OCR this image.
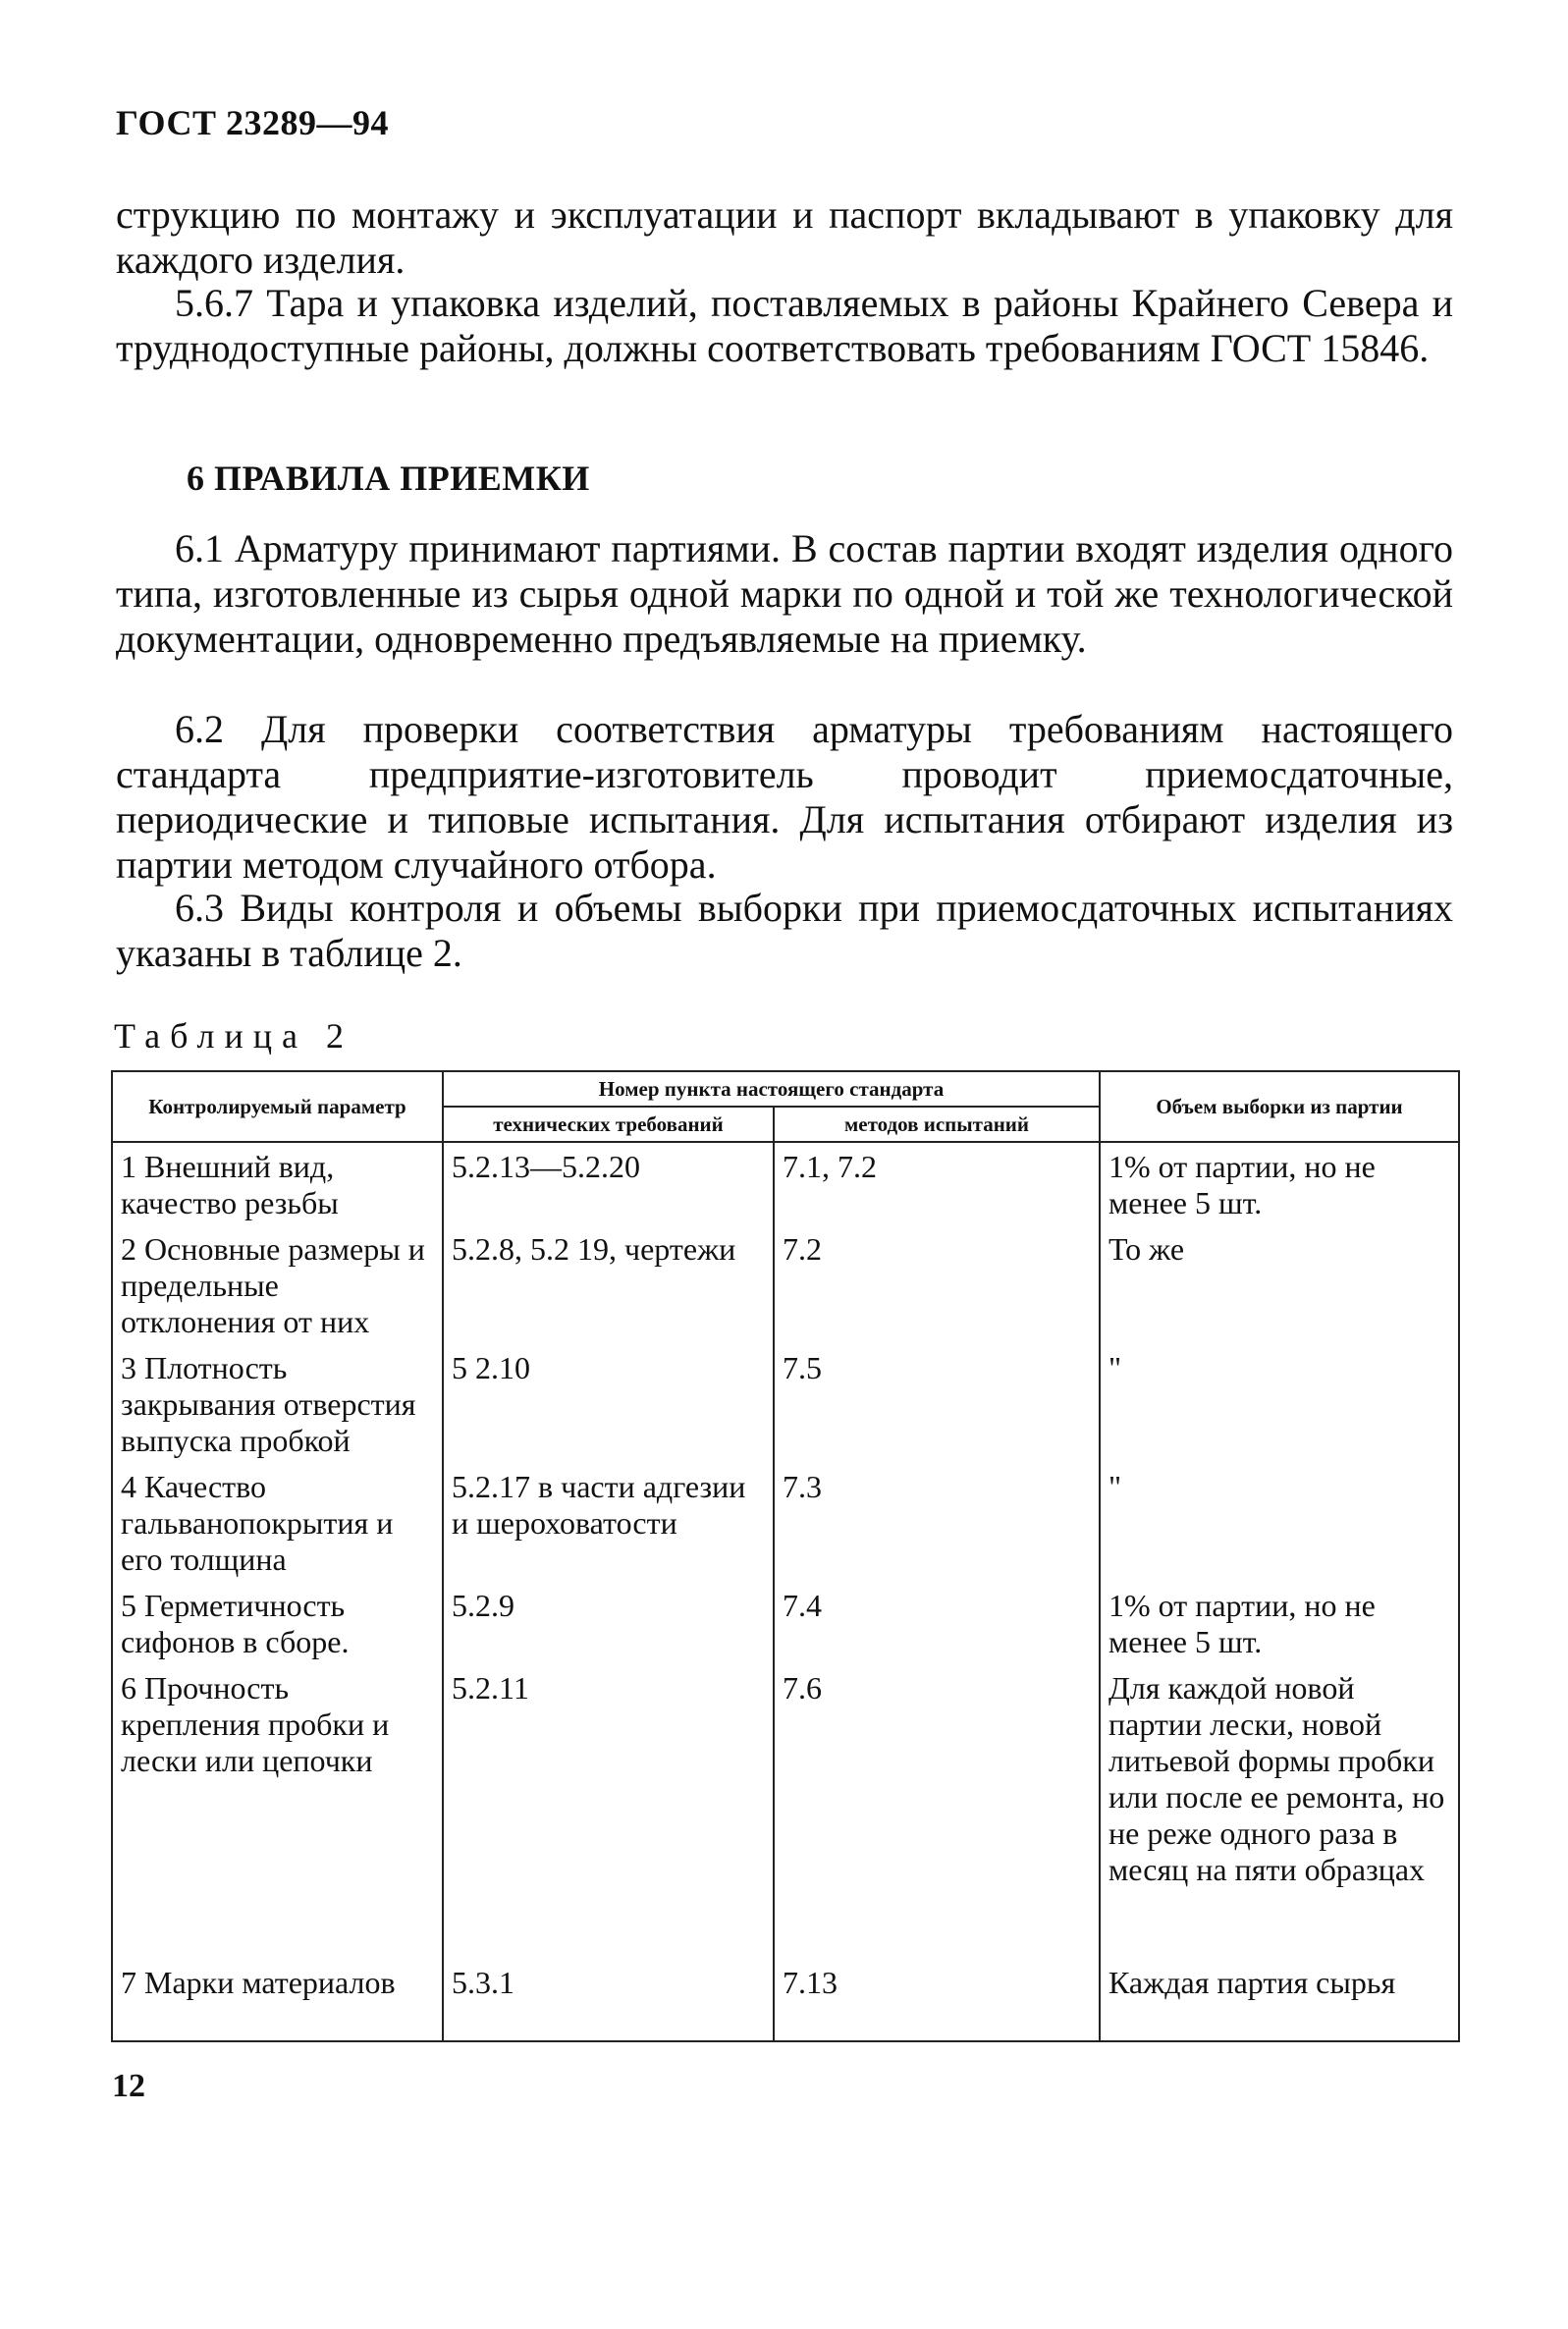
ГОСТ 23289—94

струкцию по монтажу и эксплуатации и паспорт вкладывают в упаковку для каждого изделия.

5.6.7 Тара и упаковка изделий, поставляемых в районы Крайнего Севера и труднодоступные районы, должны соответствовать требованиям ГОСТ 15846.

6 ПРАВИЛА ПРИЕМКИ

6.1 Арматуру принимают партиями. В состав партии входят изделия одного типа, изготовленные из сырья одной марки по одной и той же технологической документации, одновременно предъявляемые на приемку.

6.2 Для проверки соответствия арматуры требованиям настоящего стандарта предприятие-изготовитель проводит приемосдаточные, периодические и типовые испытания. Для испытания отбирают изделия из партии методом случайного отбора.

6.3 Виды контроля и объемы выборки при приемосдаточных испытаниях указаны в таблице 2.

Таблица 2
Контролируемый параметр	Номер пункта настоящего стандарта		Объем выборки из партии
	технических требований	методов испытаний	
1 Внешний вид, качество резьбы	5.2.13—5.2.20	7.1, 7.2	1% от партии, но не менее 5 шт.
2 Основные размеры и предельные отклонения от них	5.2.8, 5.2 19, чертежи	7.2	То же
3 Плотность закрывания отверстия выпуска пробкой	5 2.10	7.5	"
4 Качество гальванопокрытия и его толщина	5.2.17 в части адгезии и шероховатости	7.3	"
5 Герметичность сифонов в сборе.	5.2.9	7.4	1% от партии, но не менее 5 шт.
6 Прочность крепления пробки и лески или цепочки	5.2.11	7.6	Для каждой новой партии лески, новой литьевой формы пробки или после ее ремонта, но не реже одного раза в месяц на пяти образцах
7 Марки материалов	5.3.1	7.13	Каждая партия сырья
12
